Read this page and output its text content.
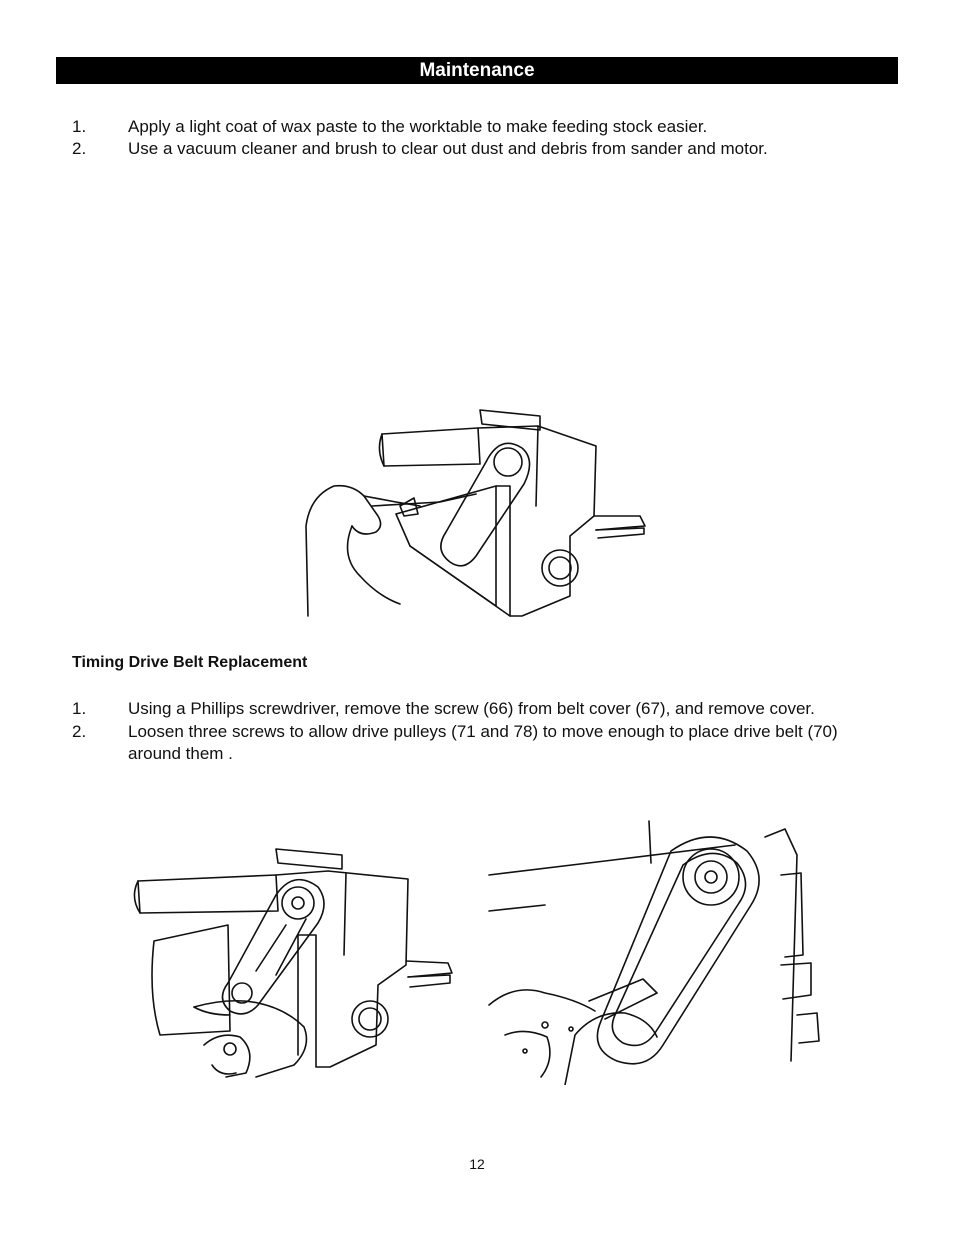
Maintenance
1. Apply a light coat of wax paste to the worktable to make feeding stock easier.
2. Use a vacuum cleaner and brush to clear out dust and debris from sander and motor.
Timing Drive Belt Replacement
1. Using a Phillips screwdriver, remove the screw (66) from belt cover (67), and remove cover.
2. Loosen three screws to allow drive pulleys (71 and 78) to move enough to place drive belt (70) around them .
12
